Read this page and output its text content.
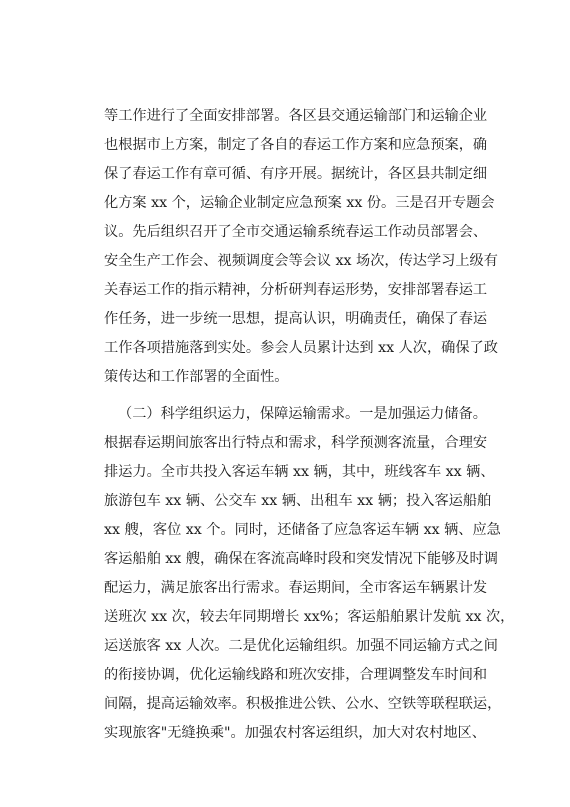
等工作进行了全面安排部署。各区县交通运输部门和运输企业
也根据市上方案，制定了各自的春运工作方案和应急预案，确
保了春运工作有章可循、有序开展。据统计，各区县共制定细
化方案 xx 个，运输企业制定应急预案 xx 份。三是召开专题会
议。先后组织召开了全市交通运输系统春运工作动员部署会、
安全生产工作会、视频调度会等会议 xx 场次，传达学习上级有
关春运工作的指示精神，分析研判春运形势，安排部署春运工
作任务，进一步统一思想，提高认识，明确责任，确保了春运
工作各项措施落到实处。参会人员累计达到 xx 人次，确保了政
策传达和工作部署的全面性。
（二）科学组织运力，保障运输需求。一是加强运力储备。
根据春运期间旅客出行特点和需求，科学预测客流量，合理安
排运力。全市共投入客运车辆 xx 辆，其中，班线客车 xx 辆、
旅游包车 xx 辆、公交车 xx 辆、出租车 xx 辆；投入客运船舶
xx 艘，客位 xx 个。同时，还储备了应急客运车辆 xx 辆、应急
客运船舶 xx 艘，确保在客流高峰时段和突发情况下能够及时调
配运力，满足旅客出行需求。春运期间，全市客运车辆累计发
送班次 xx 次，较去年同期增长 xx%；客运船舶累计发航 xx 次，
运送旅客 xx 人次。二是优化运输组织。加强不同运输方式之间
的衔接协调，优化运输线路和班次安排，合理调整发车时间和
间隔，提高运输效率。积极推进公铁、公水、空铁等联程联运，
实现旅客"无缝换乘"。加强农村客运组织，加大对农村地区、
